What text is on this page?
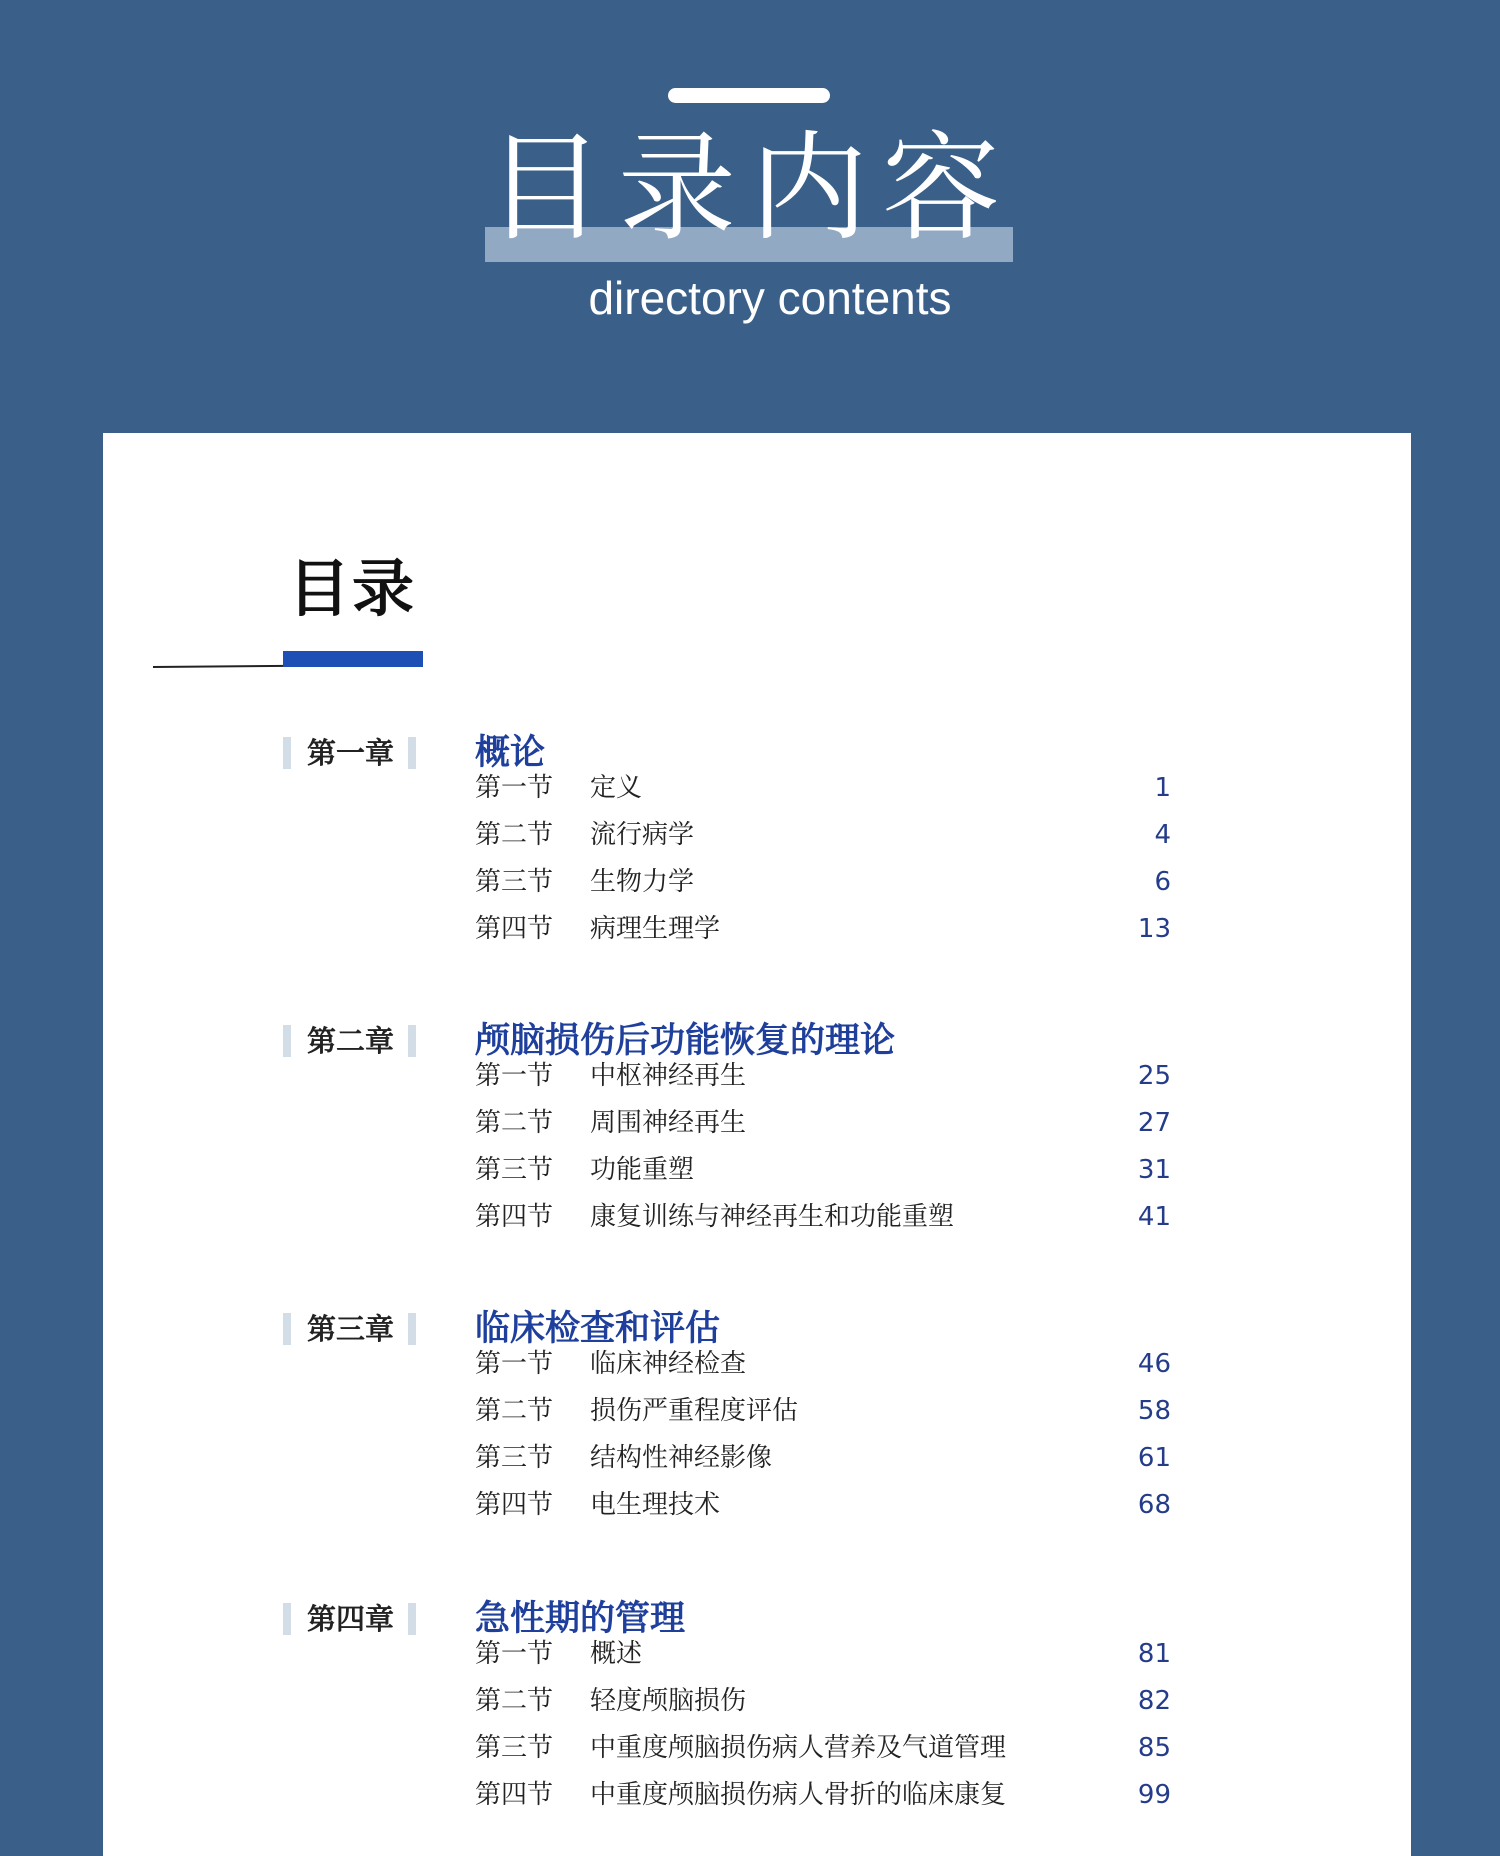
目录内容
directory contents
目录
第一章	概论
第一节 定义	1
第二节 流行病学	4
第三节 生物力学	6
第四节 病理生理学	13
第二章	颅脑损伤后功能恢复的理论
第一节 中枢神经再生	25
第二节 周围神经再生	27
第三节 功能重塑	31
第四节 康复训练与神经再生和功能重塑	41
第三章	临床检查和评估
第一节 临床神经检查	46
第二节 损伤严重程度评估	58
第三节 结构性神经影像	61
第四节 电生理技术	68
第四章	急性期的管理
第一节 概述	81
第二节 轻度颅脑损伤	82
第三节 中重度颅脑损伤病人营养及气道管理	85
第四节 中重度颅脑损伤病人骨折的临床康复	99
